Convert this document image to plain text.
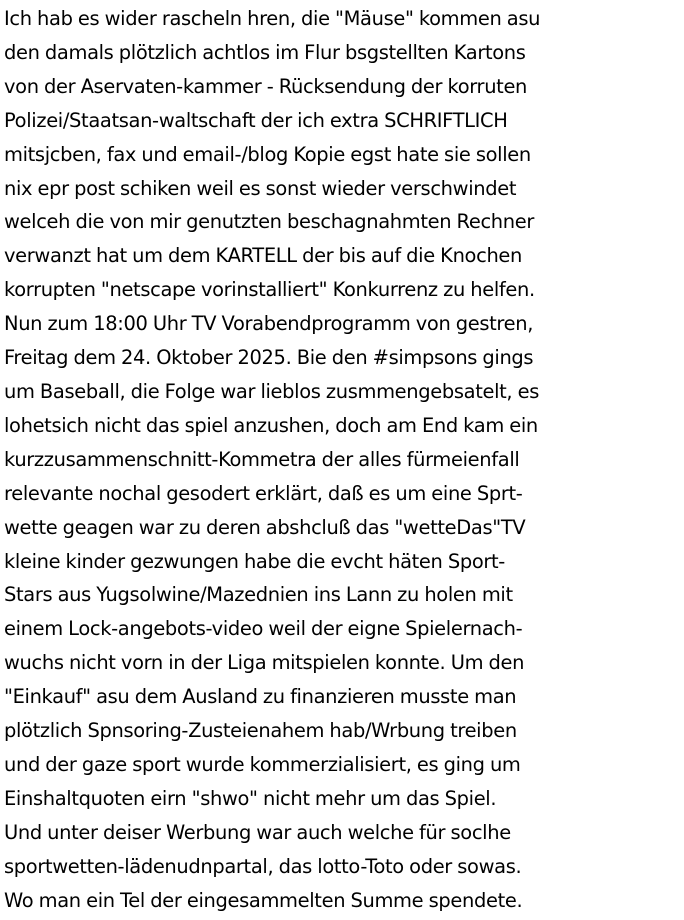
Ich hab es wider rascheln hren, die "Mäuse" kommen asu
den damals plötzlich achtlos im Flur bsgstellten Kartons
von der Aservaten-kammer - Rücksendung der korruten
Polizei/Staatsan-waltschaft der ich extra SCHRIFTLICH
mitsjcben, fax und email-/blog Kopie egst hate sie sollen
nix epr post schiken weil es sonst wieder verschwindet
welceh die von mir genutzten beschagnahmten Rechner
verwanzt hat um dem KARTELL der bis auf die Knochen
korrupten "netscape vorinstalliert" Konkurrenz zu helfen.
Nun zum 18:00 Uhr TV Vorabendprogramm von gestren,
Freitag dem 24. Oktober 2025. Bie den #simpsons gings
um Baseball, die Folge war lieblos zusmmengebsatelt, es
lohetsich nicht das spiel anzushen, doch am End kam ein
kurzzusammenschnitt-Kommetra der alles fürmeienfall
relevante nochal gesodert erklärt, daß es um eine Sprt-
wette geagen war zu deren abshcluß das "wetteDas"TV
kleine kinder gezwungen habe die evcht häten Sport-
Stars aus Yugsolwine/Mazednien ins Lann zu holen mit
einem Lock-angebots-video weil der eigne Spielernach-
wuchs nicht vorn in der Liga mitspielen konnte. Um den
"Einkauf" asu dem Ausland zu finanzieren musste man
plötzlich Spnsoring-Zusteienahem hab/Wrbung treiben
und der gaze sport wurde kommerzialisiert, es ging um
Einshaltquoten eirn "shwo" nicht mehr um das Spiel.
Und unter deiser Werbung war auch welche für soclhe
sportwetten-lädenudnpartal, das lotto-Toto oder sowas.
Wo man ein Tel der eingesammelten Summe spendete.
